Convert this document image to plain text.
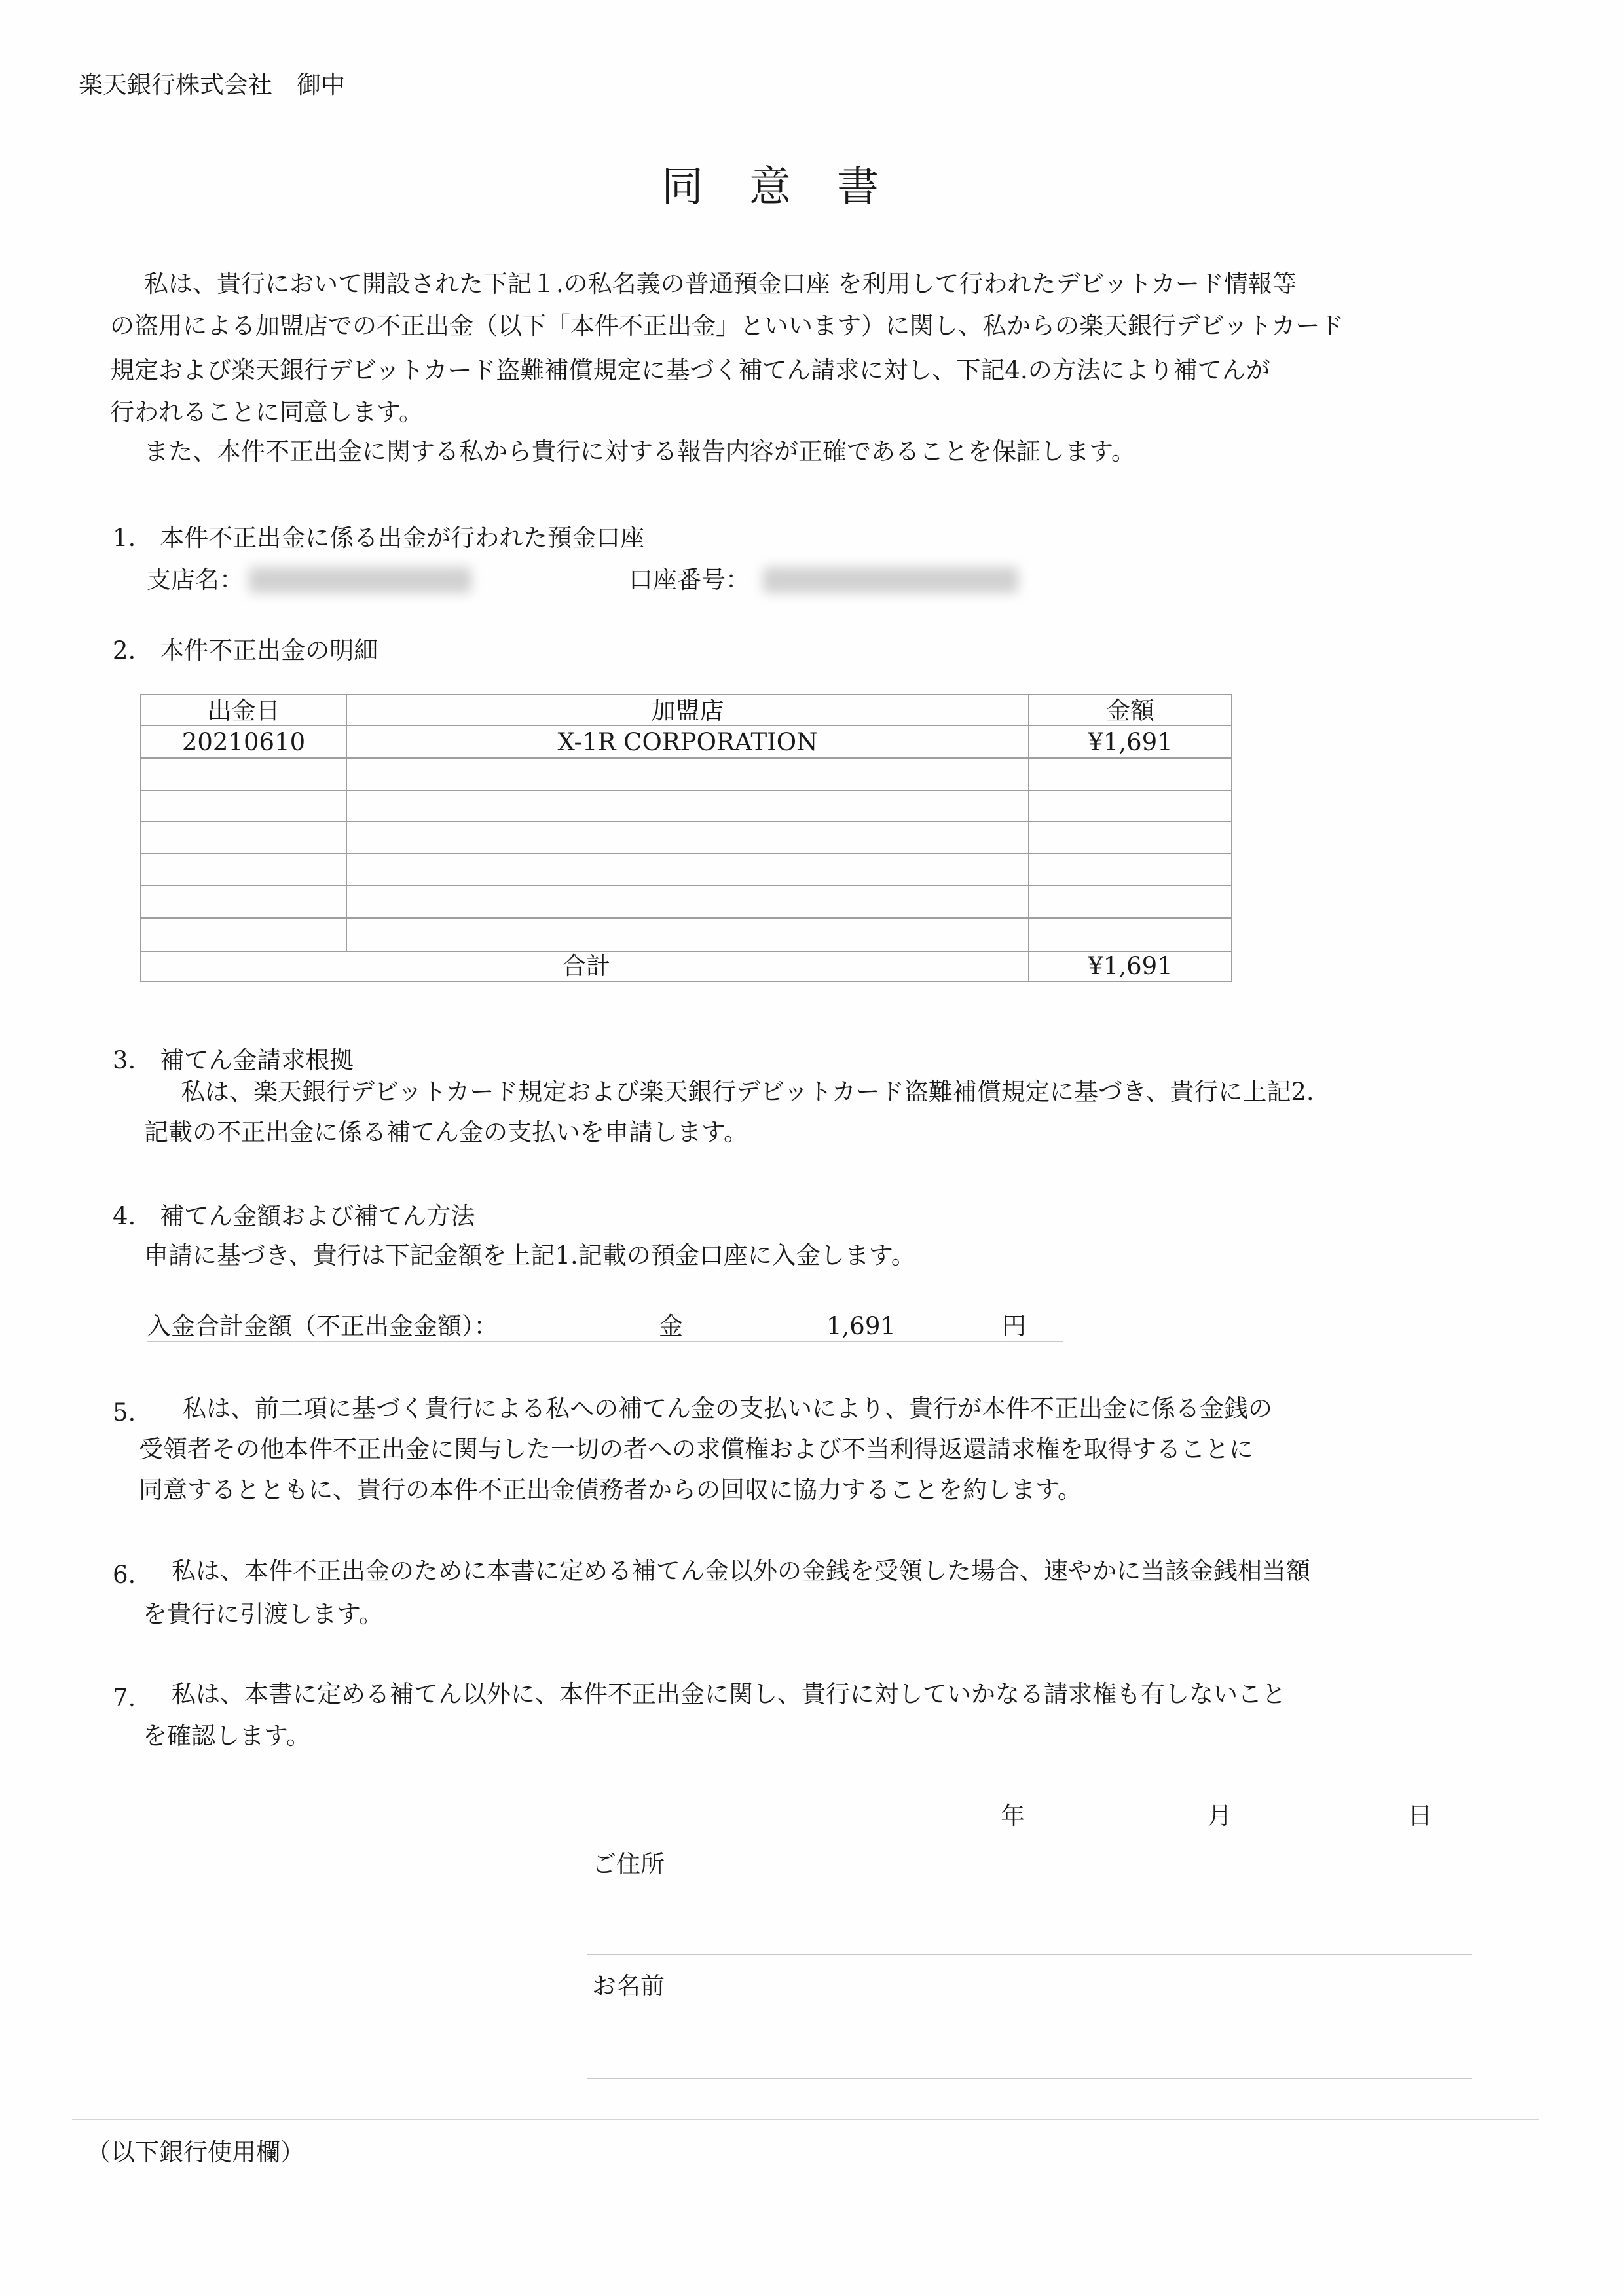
楽天銀行株式会社　御中
同意書
私は、貴行において開設された下記１.の私名義の普通預金口座 を利用して行われたデビットカード情報等
の盗用による加盟店での不正出金（以下「本件不正出金」といいます）に関し、私からの楽天銀行デビットカード
規定および楽天銀行デビットカード盗難補償規定に基づく補てん請求に対し、下記4.の方法により補てんが
行われることに同意します。
また、本件不正出金に関する私から貴行に対する報告内容が正確であることを保証します。
1.　本件不正出金に係る出金が行われた預金口座
支店名：	口座番号：
2.　本件不正出金の明細
出金日	加盟店	金額
20210610	X-1R CORPORATION	¥1,691
合計	¥1,691
3.　補てん金請求根拠
私は、楽天銀行デビットカード規定および楽天銀行デビットカード盗難補償規定に基づき、貴行に上記2.
記載の不正出金に係る補てん金の支払いを申請します。
4.　補てん金額および補てん方法
申請に基づき、貴行は下記金額を上記1.記載の預金口座に入金します。
入金合計金額（不正出金金額）：	金	1,691	円
5. 私は、前二項に基づく貴行による私への補てん金の支払いにより、貴行が本件不正出金に係る金銭の
受領者その他本件不正出金に関与した一切の者への求償権および不当利得返還請求権を取得することに
同意するとともに、貴行の本件不正出金債務者からの回収に協力することを約します。
6. 私は、本件不正出金のために本書に定める補てん金以外の金銭を受領した場合、速やかに当該金銭相当額
を貴行に引渡します。
7. 私は、本書に定める補てん以外に、本件不正出金に関し、貴行に対していかなる請求権も有しないこと
を確認します。
年	月	日
ご住所
お名前
（以下銀行使用欄）
